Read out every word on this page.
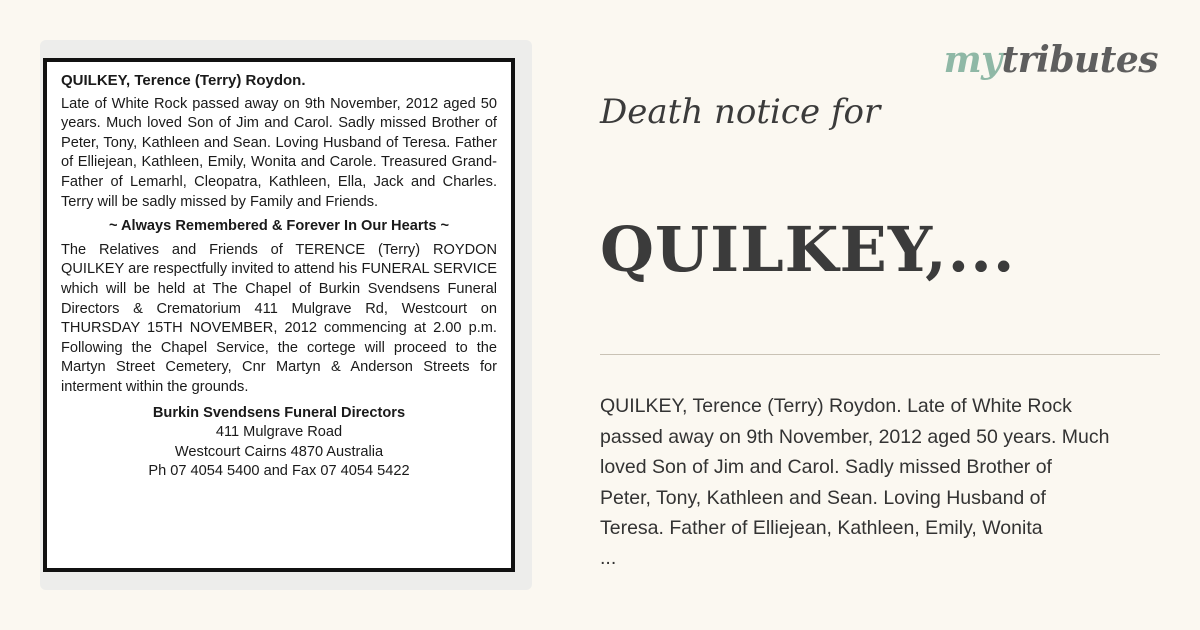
QUILKEY, Terence (Terry) Roydon.

Late of White Rock passed away on 9th November, 2012 aged 50 years. Much loved Son of Jim and Carol. Sadly missed Brother of Peter, Tony, Kathleen and Sean. Loving Husband of Teresa. Father of Elliejean, Kathleen, Emily, Wonita and Carole. Treasured Grand-Father of Lemarhl, Cleopatra, Kathleen, Ella, Jack and Charles. Terry will be sadly missed by Family and Friends.

~ Always Remembered & Forever In Our Hearts ~

The Relatives and Friends of TERENCE (Terry) ROYDON QUILKEY are respectfully invited to attend his FUNERAL SERVICE which will be held at The Chapel of Burkin Svendsens Funeral Directors & Crematorium 411 Mulgrave Rd, Westcourt on THURSDAY 15TH NOVEMBER, 2012 commencing at 2.00 p.m. Following the Chapel Service, the cortege will proceed to the Martyn Street Cemetery, Cnr Martyn & Anderson Streets for interment within the grounds.

Burkin Svendsens Funeral Directors
411 Mulgrave Road
Westcourt Cairns 4870 Australia
Ph 07 4054 5400 and Fax 07 4054 5422
mytributes
Death notice for
QUILKEY,...
QUILKEY, Terence (Terry) Roydon. Late of White Rock
passed away on 9th November, 2012 aged 50 years. Much
loved Son of Jim and Carol. Sadly missed Brother of
Peter, Tony, Kathleen and Sean. Loving Husband of
Teresa. Father of Elliejean, Kathleen, Emily, Wonita
...
